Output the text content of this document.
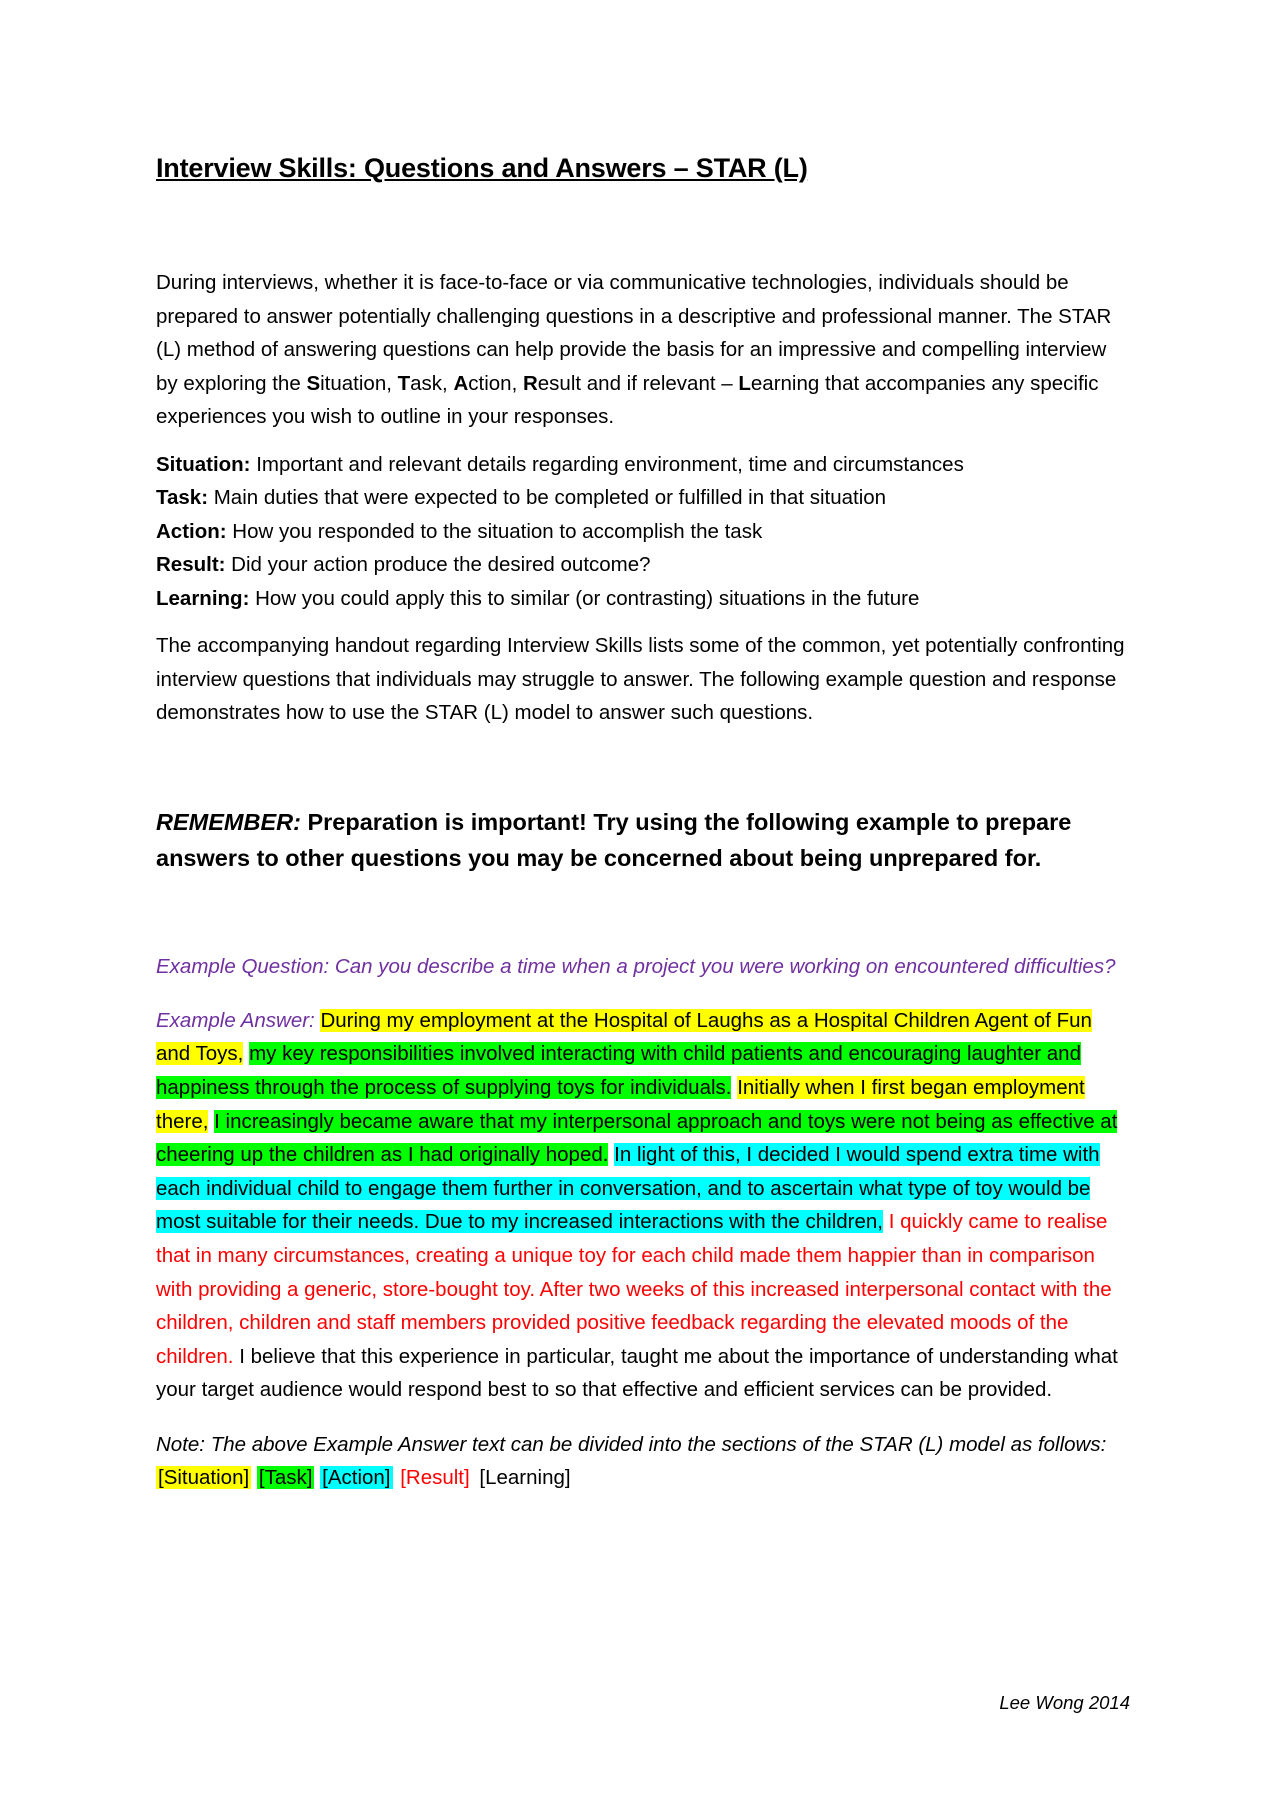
Interview Skills: Questions and Answers – STAR (L)

During interviews, whether it is face-to-face or via communicative technologies, individuals should be prepared to answer potentially challenging questions in a descriptive and professional manner. The STAR (L) method of answering questions can help provide the basis for an impressive and compelling interview by exploring the Situation, Task, Action, Result and if relevant – Learning that accompanies any specific experiences you wish to outline in your responses.

Situation: Important and relevant details regarding environment, time and circumstances
Task: Main duties that were expected to be completed or fulfilled in that situation
Action: How you responded to the situation to accomplish the task
Result: Did your action produce the desired outcome?
Learning: How you could apply this to similar (or contrasting) situations in the future

The accompanying handout regarding Interview Skills lists some of the common, yet potentially confronting interview questions that individuals may struggle to answer. The following example question and response demonstrates how to use the STAR (L) model to answer such questions.

REMEMBER: Preparation is important! Try using the following example to prepare answers to other questions you may be concerned about being unprepared for.

Example Question: Can you describe a time when a project you were working on encountered difficulties?

Example Answer: During my employment at the Hospital of Laughs as a Hospital Children Agent of Fun and Toys, my key responsibilities involved interacting with child patients and encouraging laughter and happiness through the process of supplying toys for individuals. Initially when I first began employment there, I increasingly became aware that my interpersonal approach and toys were not being as effective at cheering up the children as I had originally hoped. In light of this, I decided I would spend extra time with each individual child to engage them further in conversation, and to ascertain what type of toy would be most suitable for their needs. Due to my increased interactions with the children, I quickly came to realise that in many circumstances, creating a unique toy for each child made them happier than in comparison with providing a generic, store-bought toy. After two weeks of this increased interpersonal contact with the children, children and staff members provided positive feedback regarding the elevated moods of the children. I believe that this experience in particular, taught me about the importance of understanding what your target audience would respond best to so that effective and efficient services can be provided.

Note: The above Example Answer text can be divided into the sections of the STAR (L) model as follows: [Situation] [Task] [Action] [Result] [Learning]

Lee Wong 2014
